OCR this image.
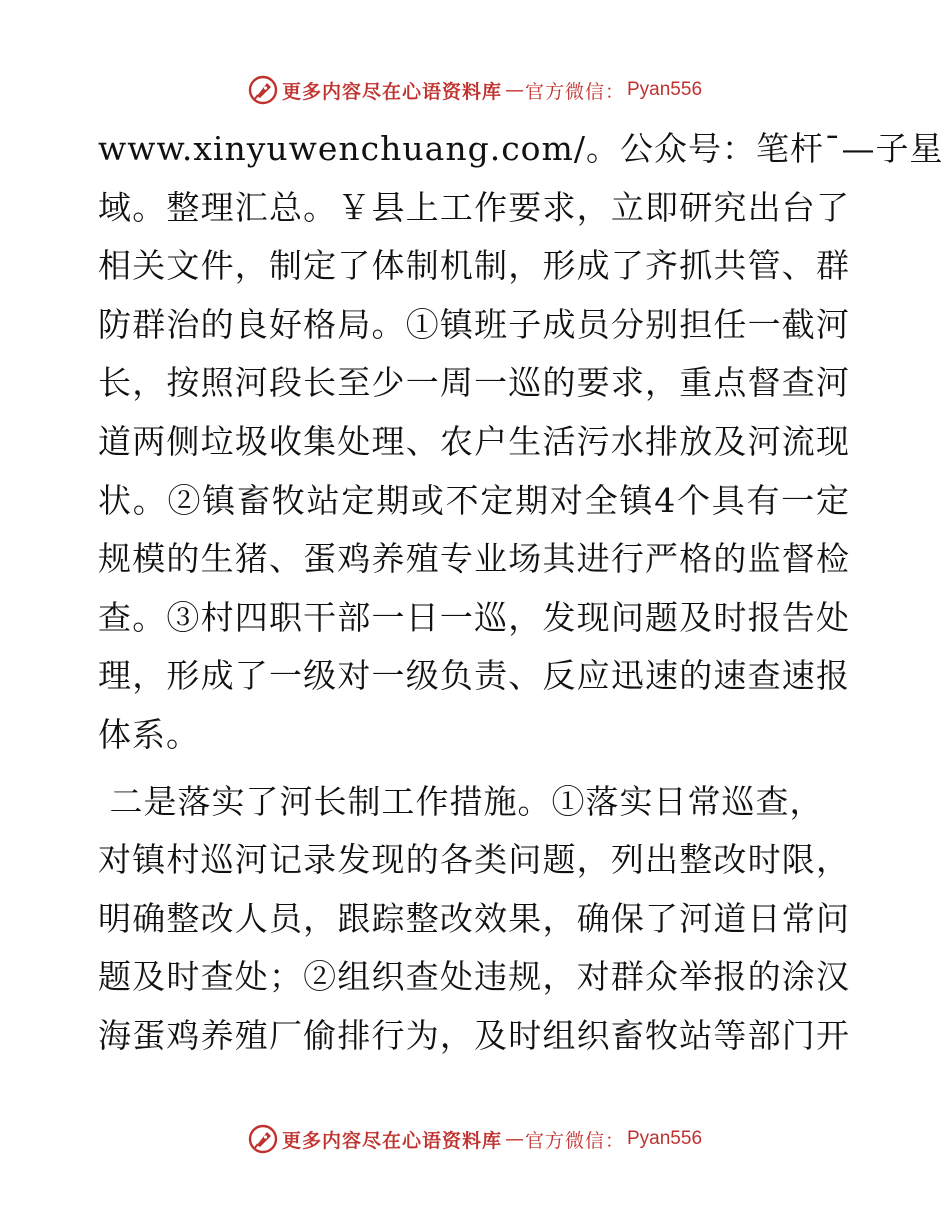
更多内容尽在心语资料库 — 官方微信： Pyan556
www.xinyuwenchuang.com/。公众号：笔杆¯—子星
域。整理汇总。￥县上工作要求，立即研究出台了
相关文件，制定了体制机制，形成了齐抓共管、群
防群治的良好格局。①镇班子成员分别担任一截河
长，按照河段长至少一周一巡的要求，重点督查河
道两侧垃圾收集处理、农户生活污水排放及河流现
状。②镇畜牧站定期或不定期对全镇4个具有一定
规模的生猪、蛋鸡养殖专业场其进行严格的监督检
查。③村四职干部一日一巡，发现问题及时报告处
理，形成了一级对一级负责、反应迅速的速查速报
体系。
二是落实了河长制工作措施。①落实日常巡查，
对镇村巡河记录发现的各类问题，列出整改时限，
明确整改人员，跟踪整改效果，确保了河道日常问
题及时查处；②组织查处违规，对群众举报的涂汉
海蛋鸡养殖厂偷排行为，及时组织畜牧站等部门开
更多内容尽在心语资料库 — 官方微信： Pyan556
